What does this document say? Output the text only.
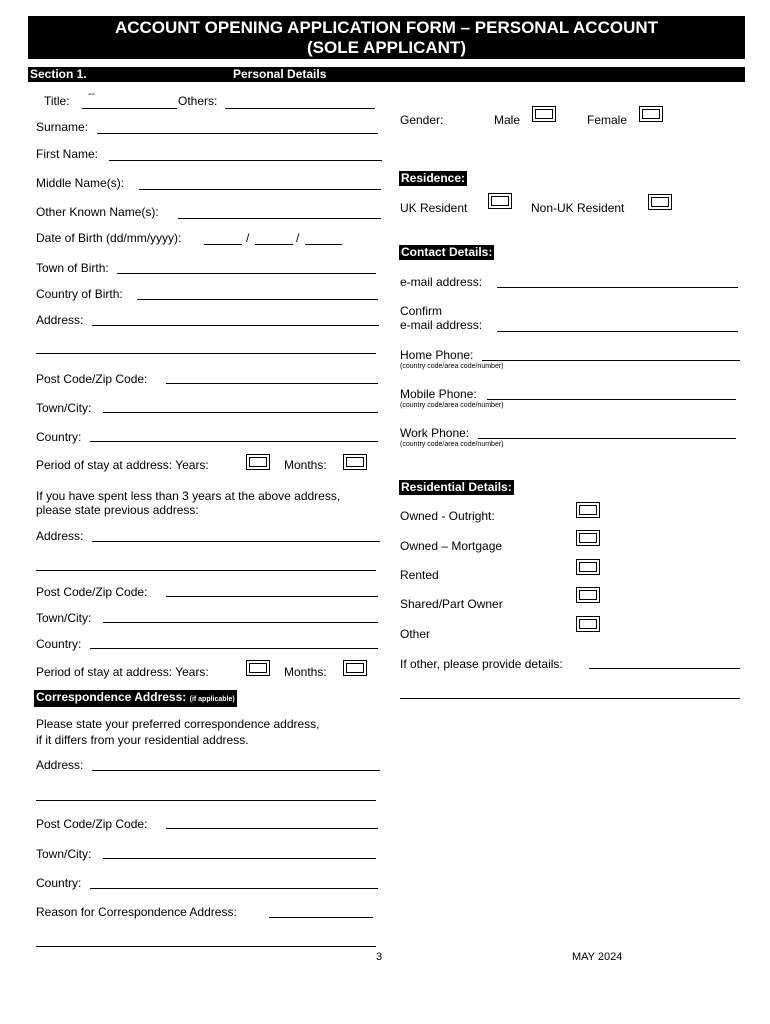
ACCOUNT OPENING APPLICATION FORM – PERSONAL ACCOUNT
(SOLE APPLICANT)
Section 1.	Personal Details
Title: --	Others:
Surname:
First Name:
Middle Name(s):
Other Known Name(s):
Date of Birth (dd/mm/yyyy):	/	/
Town of Birth:
Country of Birth:
Address:
Post Code/Zip Code:
Town/City:
Country:
Period of stay at address: Years:	Months:
If you have spent less than 3 years at the above address,
please state previous address:
Address:
Post Code/Zip Code:
Town/City:
Country:
Period of stay at address: Years:	Months:
Correspondence Address: (if applicable)
Please state your preferred correspondence address,
if it differs from your residential address.
Address:
Post Code/Zip Code:
Town/City:
Country:
Reason for Correspondence Address:
Gender:	Male	Female
Residence:
UK Resident	Non-UK Resident
Contact Details:
e-mail address:
Confirm
e-mail address:
Home Phone:
(country code/area code/number)
Mobile Phone:
(country code/area code/number)
Work Phone:
(country code/area code/number)
Residential Details:
Owned - Outright:
Owned – Mortgage
Rented
Shared/Part Owner
Other
If other, please provide details:
3	MAY 2024
